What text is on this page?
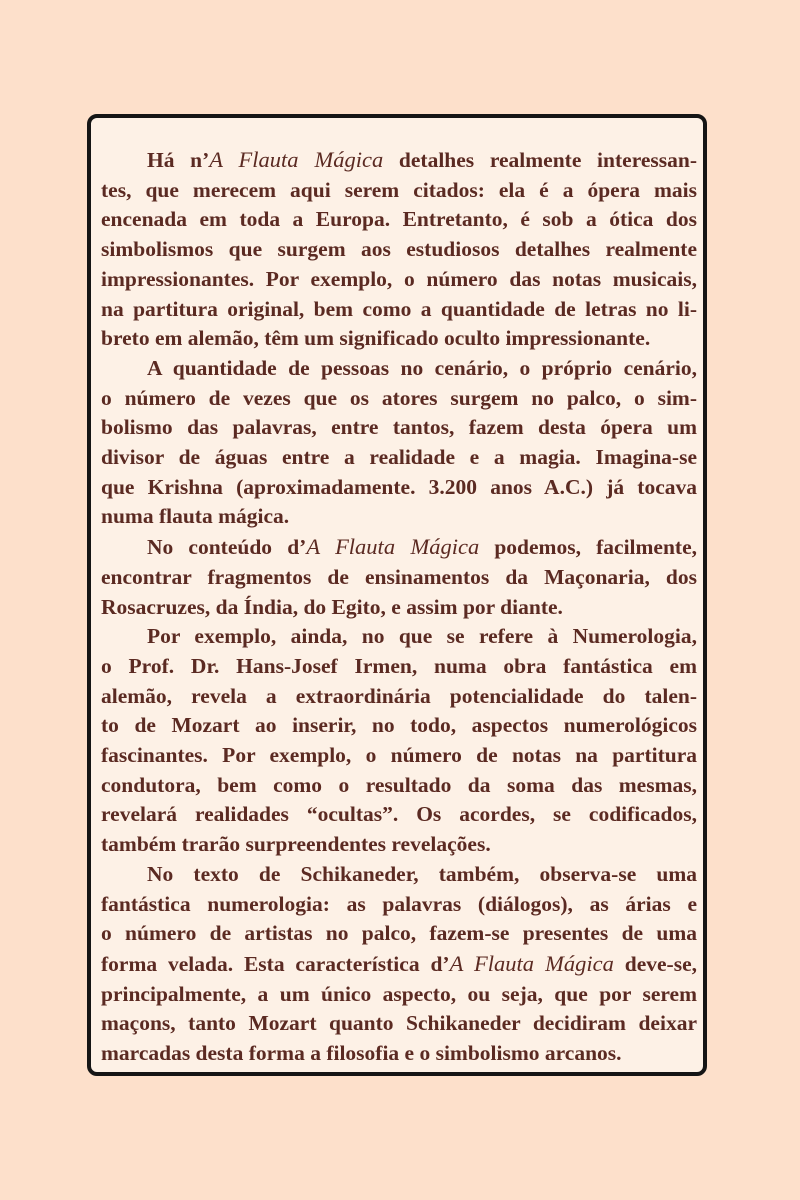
Há n’A Flauta Mágica detalhes realmente interessan-
tes, que merecem aqui serem citados: ela é a ópera mais
encenada em toda a Europa. Entretanto, é sob a ótica dos
simbolismos que surgem aos estudiosos detalhes realmente
impressionantes. Por exemplo, o número das notas musicais,
na partitura original, bem como a quantidade de letras no li-
breto em alemão, têm um significado oculto impressionante.
A quantidade de pessoas no cenário, o próprio cenário,
o número de vezes que os atores surgem no palco, o sim-
bolismo das palavras, entre tantos, fazem desta ópera um
divisor de águas entre a realidade e a magia. Imagina-se
que Krishna (aproximadamente. 3.200 anos A.C.) já tocava
numa flauta mágica.
No conteúdo d’A Flauta Mágica podemos, facilmente,
encontrar fragmentos de ensinamentos da Maçonaria, dos
Rosacruzes, da Índia, do Egito, e assim por diante.
Por exemplo, ainda, no que se refere à Numerologia,
o Prof. Dr. Hans-Josef Irmen, numa obra fantástica em
alemão, revela a extraordinária potencialidade do talen-
to de Mozart ao inserir, no todo, aspectos numerológicos
fascinantes. Por exemplo, o número de notas na partitura
condutora, bem como o resultado da soma das mesmas,
revelará realidades “ocultas”. Os acordes, se codificados,
também trarão surpreendentes revelações.
No texto de Schikaneder, também, observa-se uma
fantástica numerologia: as palavras (diálogos), as árias e
o número de artistas no palco, fazem-se presentes de uma
forma velada. Esta característica d’A Flauta Mágica deve-se,
principalmente, a um único aspecto, ou seja, que por serem
maçons, tanto Mozart quanto Schikaneder decidiram deixar
marcadas desta forma a filosofia e o simbolismo arcanos.
